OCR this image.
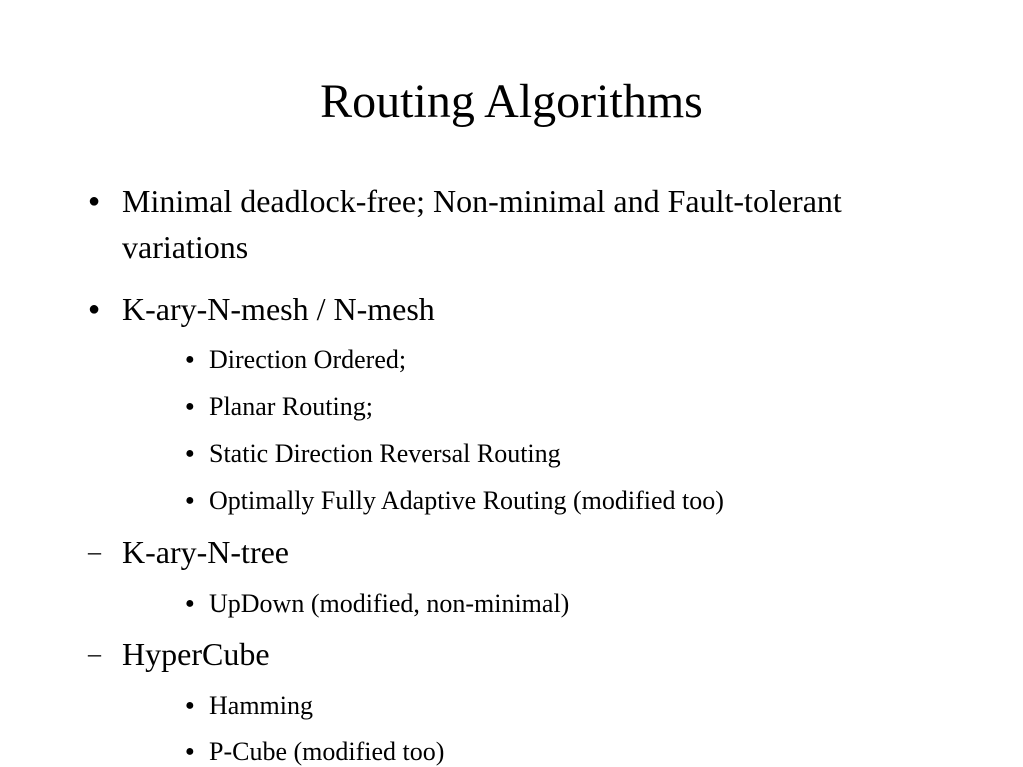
Routing Algorithms
● Minimal deadlock-free; Non-minimal and Fault-tolerant variations
● K-ary-N-mesh / N-mesh
● Direction Ordered;
● Planar Routing;
● Static Direction Reversal Routing
● Optimally Fully Adaptive Routing (modified too)
– K-ary-N-tree
● UpDown (modified, non-minimal)
– HyperCube
● Hamming
● P-Cube (modified too)
